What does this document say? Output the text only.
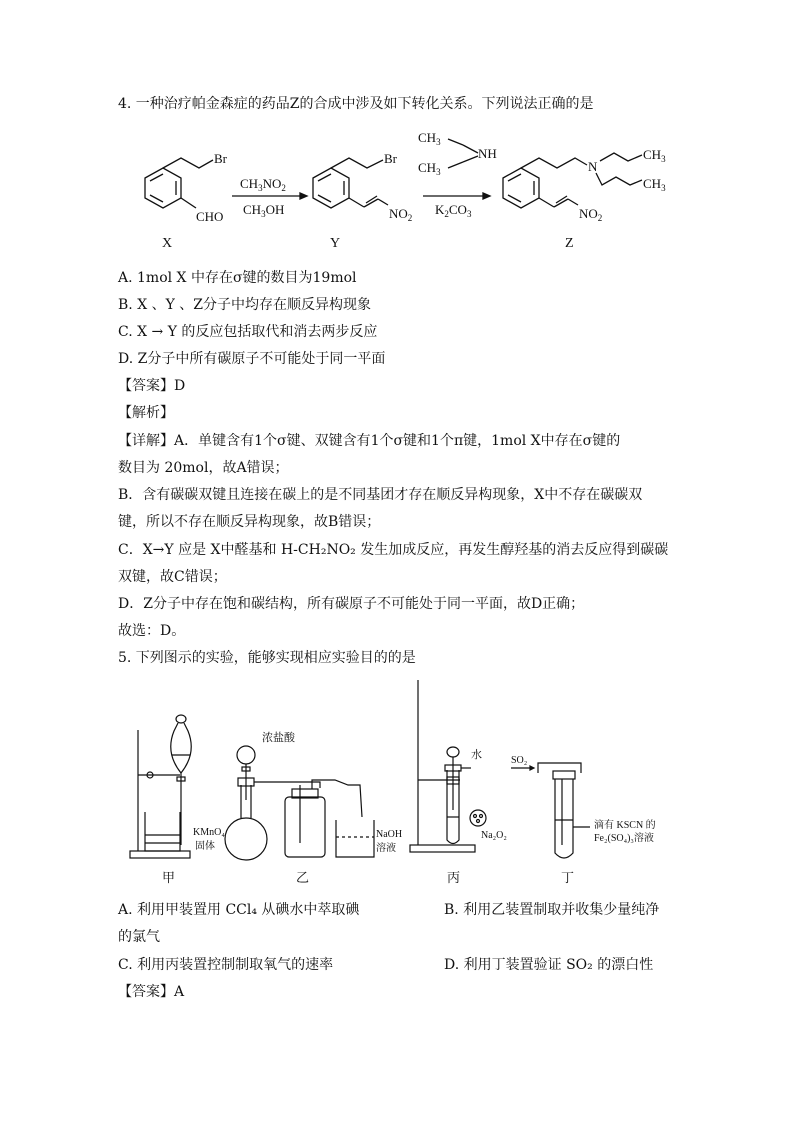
4. 一种治疗帕金森症的药品Z的合成中涉及如下转化关系。下列说法正确的是
Br
CHO
$CH_3NO_2$
$CH_3OH$
Br
$NO_2$
$CH_3$
NH
$CH_3$
$K_2CO_3$
N
$CH_3$
$CH_3$
$NO_2$
X	Y	Z
A. 1mol X 中存在σ键的数目为19mol
B. X 、Y 、Z分子中均存在顺反异构现象
C. X → Y 的反应包括取代和消去两步反应
D. Z分子中所有碳原子不可能处于同一平面
【答案】D
【解析】
【详解】A．单键含有1个σ键、双键含有1个σ键和1个π键，1mol X中存在σ键的
数目为 20mol，故A错误；
B．含有碳碳双键且连接在碳上的是不同基团才存在顺反异构现象，X中不存在碳碳双
键，所以不存在顺反异构现象，故B错误；
C．X→Y 应是 X中醛基和 H-CH₂NO₂ 发生加成反应，再发生醇羟基的消去反应得到碳碳
双键，故C错误；
D．Z分子中存在饱和碳结构，所有碳原子不可能处于同一平面，故D正确；
故选：D。
5. 下列图示的实验，能够实现相应实验目的的是
浓盐酸
KMnO₄
固体
NaOH
溶液
水
Na₂O₂
SO₂
滴有 KSCN 的
Fe₂(SO₄)₃溶液
甲	乙	丙	丁
A. 利用甲装置用 CCl₄ 从碘水中萃取碘	B. 利用乙装置制取并收集少量纯净
的氯气
C. 利用丙装置控制制取氧气的速率	D. 利用丁装置验证 SO₂ 的漂白性
【答案】A
